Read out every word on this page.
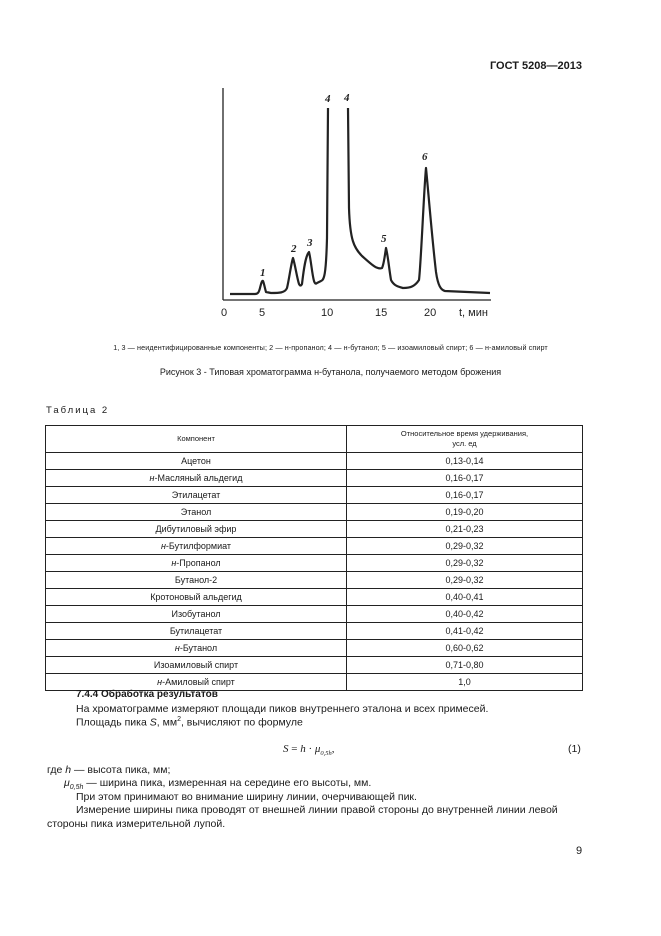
ГОСТ 5208—2013
0	5	10	15	20 t, мин
1
2 3
4 4
5
6
1, 3 — неидентифицированные компоненты; 2 — н-пропанол; 4 — н-бутанол; 5 — изоамиловый спирт; 6 — н-амиловый спирт
Рисунок 3 - Типовая хроматограмма н-бутанола, получаемого методом брожения
Таблица 2
Компонент	Относительное время удерживания, усл. ед

Ацетон	0,13-0,14
н-Масляный альдегид	0,16-0,17
Этилацетат	0,16-0,17
Этанол	0,19-0,20
Дибутиловый эфир	0,21-0,23
н-Бутилформиат	0,29-0,32
н-Пропанол	0,29-0,32
Бутанол-2	0,29-0,32
Кротоновый альдегид	0,40-0,41
Изобутанол	0,40-0,42
Бутилацетат	0,41-0,42
н-Бутанол	0,60-0,62
Изоамиловый спирт	0,71-0,80
н-Амиловый спирт	1,0
7.4.4 Обработка результатов
На хроматограмме измеряют площади пиков внутреннего эталона и всех примесей.
Площадь пика S, $мм^2$, вычисляют по формуле
$S = h \cdot \mu_{0,5h}$,	(1)
где h — высота пика, мм;
$\mu_{0,5h}$ — ширина пика, измеренная на середине его высоты, мм.
При этом принимают во внимание ширину линии, очерчивающей пик.
Измерение ширины пика проводят от внешней линии правой стороны до внутренней линии левой
стороны пика измерительной лупой.
9
